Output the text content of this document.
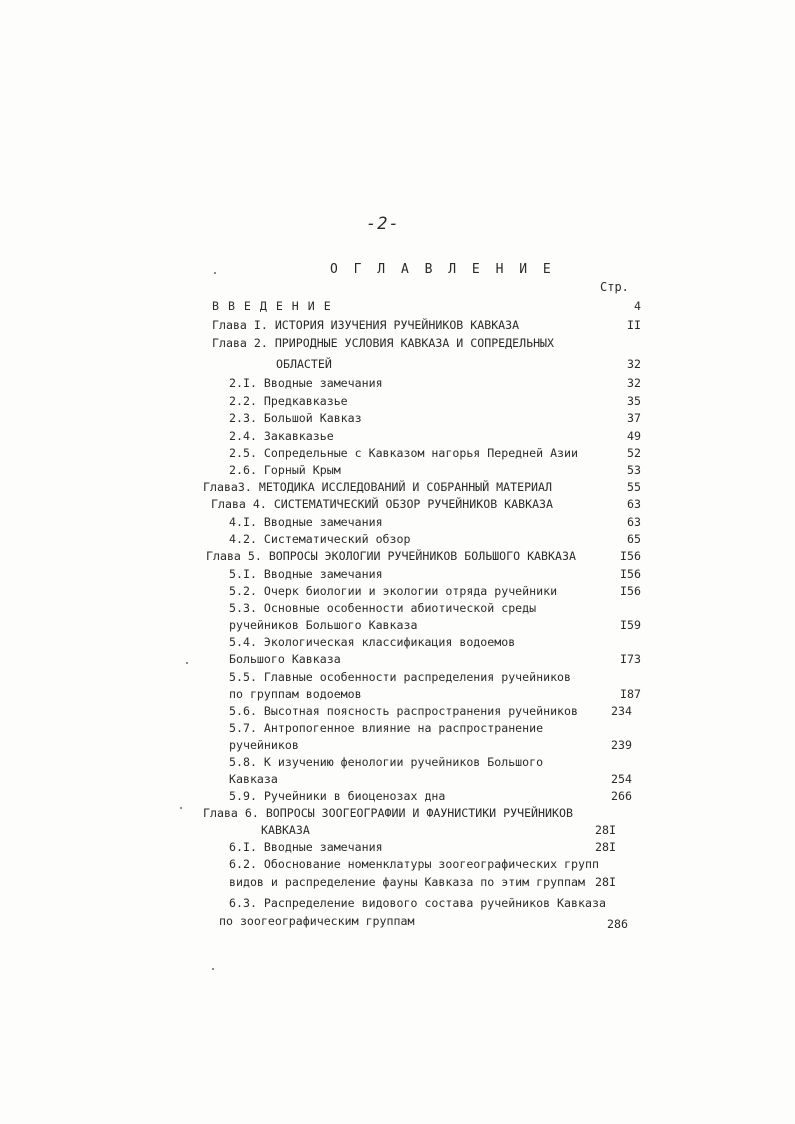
-2-
О Г Л А В Л Е Н И Е
Стр.
В В Е Д Е Н И Е	4
Глава I. ИСТОРИЯ ИЗУЧЕНИЯ РУЧЕЙНИКОВ КАВКАЗА	II
Глава 2. ПРИРОДНЫЕ УСЛОВИЯ КАВКАЗА И СОПРЕДЕЛЬНЫХ
ОБЛАСТЕЙ	32
2.I. Вводные замечания	32
2.2. Предкавказье	35
2.3. Большой Кавказ	37
2.4. Закавказье	49
2.5. Сопредельные с Кавказом нагорья Передней Азии	52
2.6. Горный Крым	53
Глава3. МЕТОДИКА ИССЛЕДОВАНИЙ И СОБРАННЫЙ МАТЕРИАЛ	55
Глава 4. СИСТЕМАТИЧЕСКИЙ ОБЗОР РУЧЕЙНИКОВ КАВКАЗА	63
4.I. Вводные замечания	63
4.2. Систематический обзор	65
Глава 5. ВОПРОСЫ ЭКОЛОГИИ РУЧЕЙНИКОВ БОЛЬШОГО КАВКАЗА	I56
5.I. Вводные замечания	I56
5.2. Очерк биологии и экологии отряда ручейники	I56
5.3. Основные особенности абиотической среды
ручейников Большого Кавказа	I59
5.4. Экологическая классификация водоемов
Большого Кавказа	I73
5.5. Главные особенности распределения ручейников
по группам водоемов	I87
5.6. Высотная поясность распространения ручейников	234
5.7. Антропогенное влияние на распространение
ручейников	239
5.8. К изучению фенологии ручейников Большого
Кавказа	254
5.9. Ручейники в биоценозах дна	266
Глава 6. ВОПРОСЫ ЗООГЕОГРАФИИ И ФАУНИСТИКИ РУЧЕЙНИКОВ
КАВКАЗА	28I
6.I. Вводные замечания	28I
6.2. Обоснование номенклатуры зоогеографических групп
видов и распределение фауны Кавказа по этим группам 28I
6.3. Распределение видового состава ручейников Кавказа
по зоогеографическим группам	286
